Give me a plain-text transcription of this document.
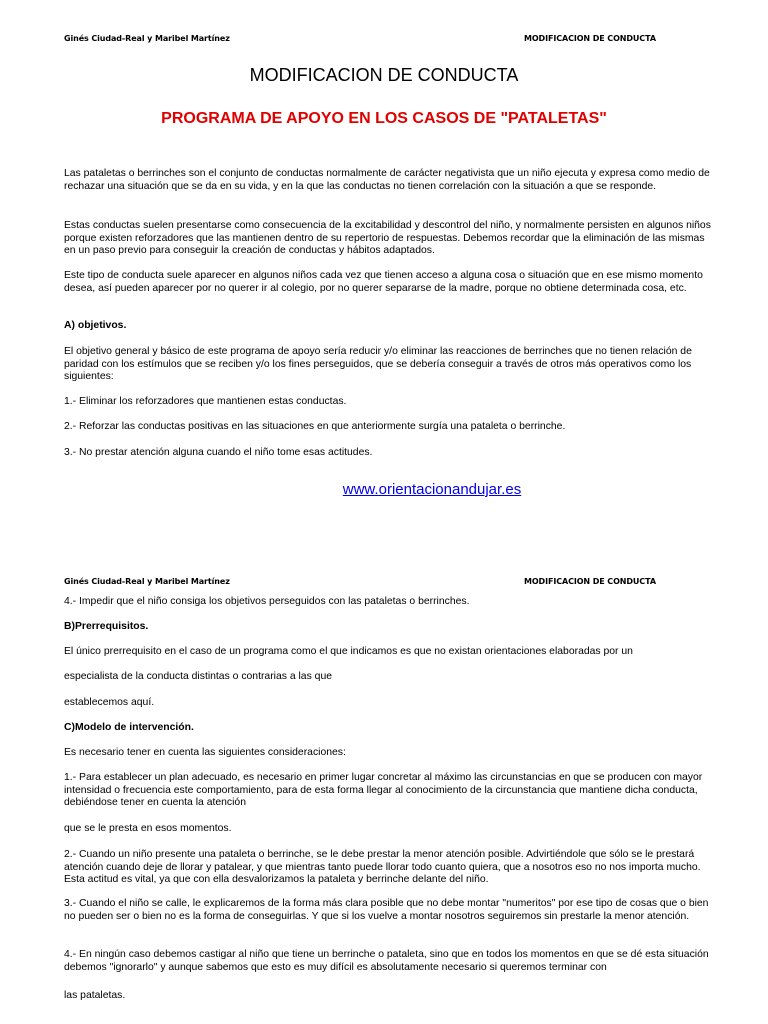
Ginés Ciudad-Real y Maribel Martínez	MODIFICACION DE CONDUCTA
MODIFICACION DE CONDUCTA
PROGRAMA DE APOYO EN LOS CASOS DE "PATALETAS"

Las pataletas o berrinches son el conjunto de conductas normalmente de carácter negativista que un niño ejecuta y expresa como medio de rechazar una situación que se da en su vida, y en la que las conductas no tienen correlación con la situación a que se responde.

Estas conductas suelen presentarse como consecuencia de la excitabilidad y descontrol del niño, y normalmente persisten en algunos niños porque existen reforzadores que las mantienen dentro de su repertorio de respuestas. Debemos recordar que la eliminación de las mismas en un paso previo para conseguir la creación de conductas y hábitos adaptados.

Este tipo de conducta suele aparecer en algunos niños cada vez que tienen acceso a alguna cosa o situación que en ese mismo momento desea, así pueden aparecer por no querer ir al colegio, por no querer separarse de la madre, porque no obtiene determinada cosa, etc.

A) objetivos.

El objetivo general y básico de este programa de apoyo sería reducir y/o eliminar las reacciones de berrinches que no tienen relación de paridad con los estímulos que se reciben y/o los fines perseguidos, que se debería conseguir a través de otros más operativos como los siguientes:

1.- Eliminar los reforzadores que mantienen estas conductas.

2.- Reforzar las conductas positivas en las situaciones en que anteriormente surgía una pataleta o berrinche.

3.- No prestar atención alguna cuando el niño tome esas actitudes.

www.orientacionandujar.es
Ginés Ciudad-Real y Maribel Martínez	MODIFICACION DE CONDUCTA

4.- Impedir que el niño consiga los objetivos perseguidos con las pataletas o berrinches.

B)Prerrequisitos.

El único prerrequisito en el caso de un programa como el que indicamos es que no existan orientaciones elaboradas por un

especialista de la conducta distintas o contrarias a las que

establecemos aquí.

C)Modelo de intervención.

Es necesario tener en cuenta las siguientes consideraciones:

1.- Para establecer un plan adecuado, es necesario en primer lugar concretar al máximo las circunstancias en que se producen con mayor intensidad o frecuencia este comportamiento, para de esta forma llegar al conocimiento de la circunstancia que mantiene dicha conducta, debiéndose tener en cuenta la atención

que se le presta en esos momentos.

2.- Cuando un niño presente una pataleta o berrinche, se le debe prestar la menor atención posible. Advirtiéndole que sólo se le prestará atención cuando deje de llorar y patalear, y que mientras tanto puede llorar todo cuanto quiera, que a nosotros eso no nos importa mucho. Esta actitud es vital, ya que con ella desvalorizamos la pataleta y berrinche delante del niño.

3.- Cuando el niño se calle, le explicaremos de la forma más clara posible que no debe montar "numeritos" por ese tipo de cosas que o bien no pueden ser o bien no es la forma de conseguirlas. Y que si los vuelve a montar nosotros seguiremos sin prestarle la menor atención.

4.- En ningún caso debemos castigar al niño que tiene un berrinche o pataleta, sino que en todos los momentos en que se dé esta situación debemos "ignorarlo" y aunque sabemos que esto es muy difícil es absolutamente necesario si queremos terminar con

las pataletas.
